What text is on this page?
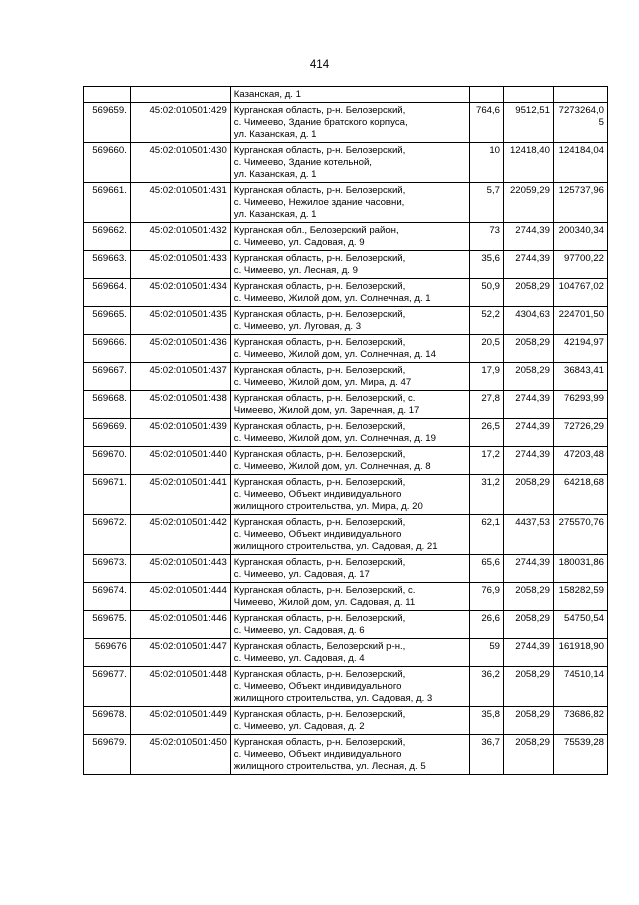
414

		Казанская, д. 1			

569659.	45:02:010501:429	Курганская область, р-н. Белозерский,
с. Чимеево, Здание братского корпуса,
ул. Казанская, д. 1	764,6	9512,51	7273264,0
5

569660.	45:02:010501:430	Курганская область, р-н. Белозерский,
с. Чимеево, Здание котельной,
ул. Казанская, д. 1	10	12418,40	124184,04

569661.	45:02:010501:431	Курганская область, р-н. Белозерский,
с. Чимеево, Нежилое здание часовни,
ул. Казанская, д. 1	5,7	22059,29	125737,96

569662.	45:02:010501:432	Курганская обл., Белозерский район,
с. Чимеево, ул. Садовая, д. 9	73	2744,39	200340,34

569663.	45:02:010501:433	Курганская область, р-н. Белозерский,
с. Чимеево, ул. Лесная, д. 9	35,6	2744,39	97700,22

569664.	45:02:010501:434	Курганская область, р-н. Белозерский,
с. Чимеево, Жилой дом, ул. Солнечная, д. 1	50,9	2058,29	104767,02

569665.	45:02:010501:435	Курганская область, р-н. Белозерский,
с. Чимеево, ул. Луговая, д. 3	52,2	4304,63	224701,50

569666.	45:02:010501:436	Курганская область, р-н. Белозерский,
с. Чимеево, Жилой дом, ул. Солнечная, д. 14	20,5	2058,29	42194,97

569667.	45:02:010501:437	Курганская область, р-н. Белозерский,
с. Чимеево, Жилой дом, ул. Мира, д. 47	17,9	2058,29	36843,41

569668.	45:02:010501:438	Курганская область, р-н. Белозерский, с.
Чимеево, Жилой дом, ул. Заречная, д. 17	27,8	2744,39	76293,99

569669.	45:02:010501:439	Курганская область, р-н. Белозерский,
с. Чимеево, Жилой дом, ул. Солнечная, д. 19	26,5	2744,39	72726,29

569670.	45:02:010501:440	Курганская область, р-н. Белозерский,
с. Чимеево, Жилой дом, ул. Солнечная, д. 8	17,2	2744,39	47203,48

569671.	45:02:010501:441	Курганская область, р-н. Белозерский,
с. Чимеево, Объект индивидуального
жилищного строительства, ул. Мира, д. 20	31,2	2058,29	64218,68

569672.	45:02:010501:442	Курганская область, р-н. Белозерский,
с. Чимеево, Объект индивидуального
жилищного строительства, ул. Садовая, д. 21	62,1	4437,53	275570,76

569673.	45:02:010501:443	Курганская область, р-н. Белозерский,
с. Чимеево, ул. Садовая, д. 17	65,6	2744,39	180031,86

569674.	45:02:010501:444	Курганская область, р-н. Белозерский, с.
Чимеево, Жилой дом, ул. Садовая, д. 11	76,9	2058,29	158282,59

569675.	45:02:010501:446	Курганская область, р-н. Белозерский,
с. Чимеево, ул. Садовая, д. 6	26,6	2058,29	54750,54

569676	45:02:010501:447	Курганская область, Белозерский р-н.,
с. Чимеево, ул. Садовая, д. 4	59	2744,39	161918,90

569677.	45:02:010501:448	Курганская область, р-н. Белозерский,
с. Чимеево, Объект индивидуального
жилищного строительства, ул. Садовая, д. 3	36,2	2058,29	74510,14

569678.	45:02:010501:449	Курганская область, р-н. Белозерский,
с. Чимеево, ул. Садовая, д. 2	35,8	2058,29	73686,82

569679.	45:02:010501:450	Курганская область, р-н. Белозерский,
с. Чимеево, Объект индивидуального
жилищного строительства, ул. Лесная, д. 5	36,7	2058,29	75539,28
